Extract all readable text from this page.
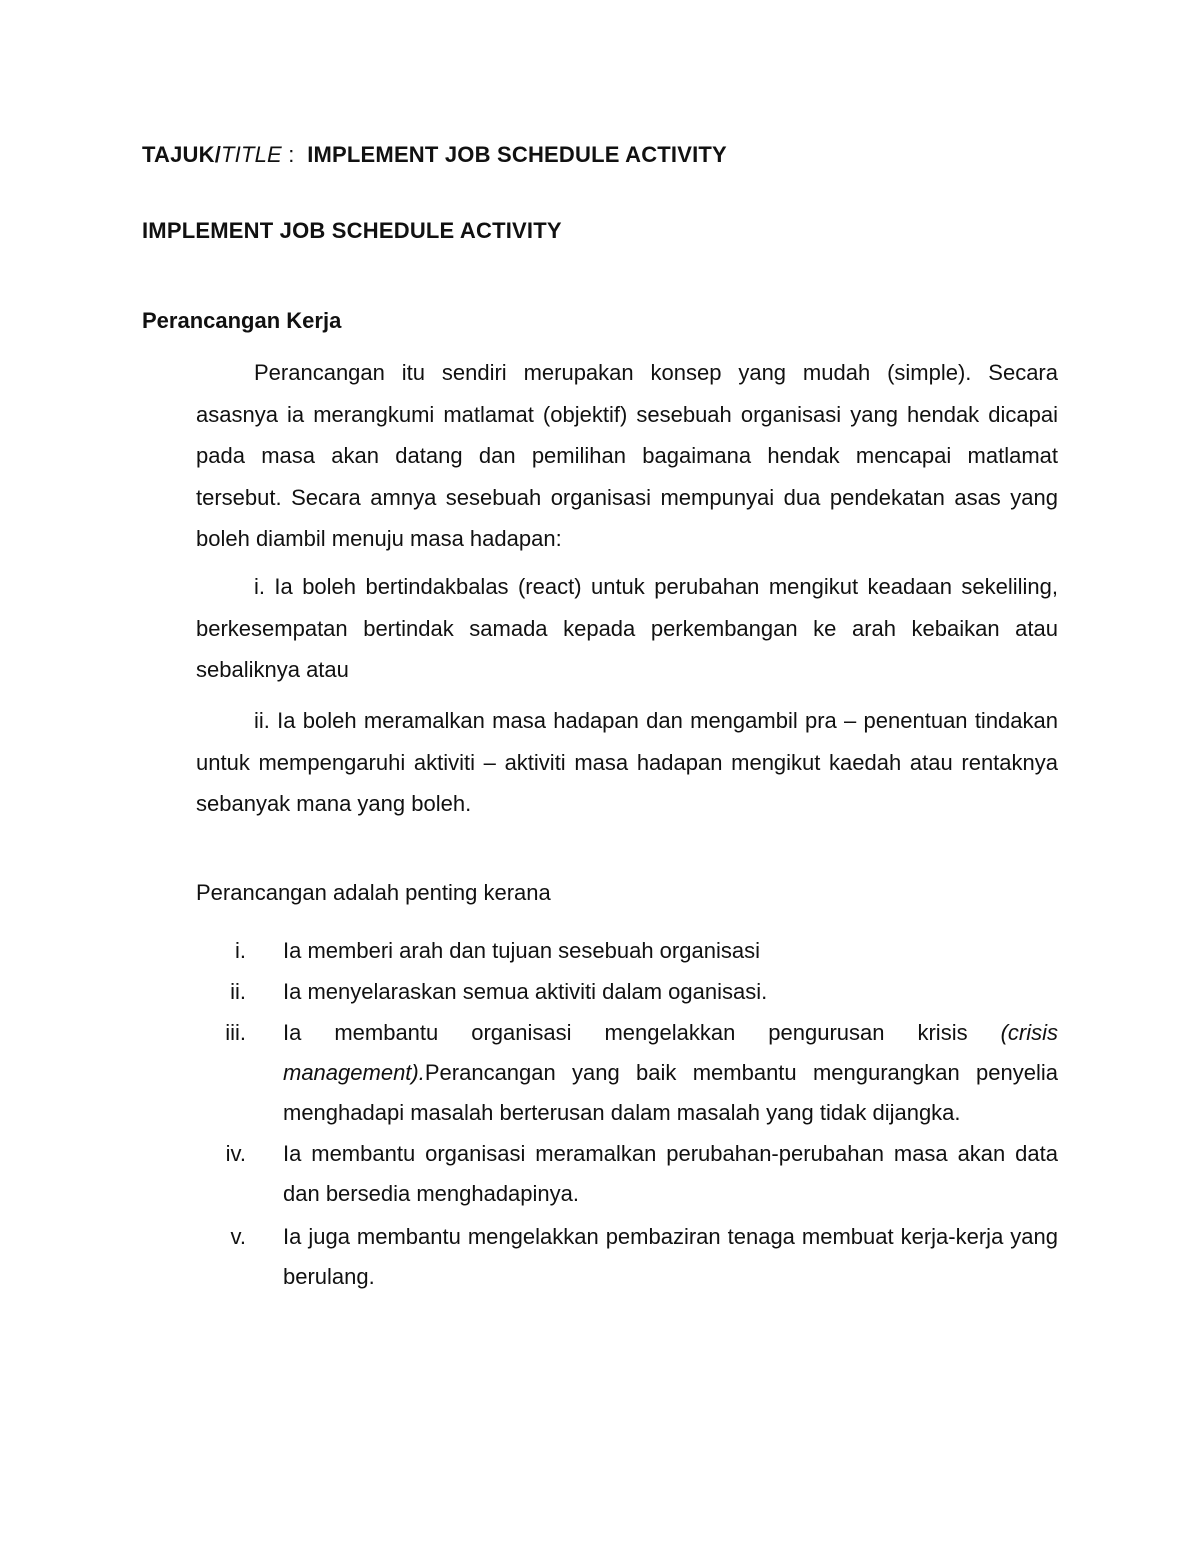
TAJUK/TITLE : IMPLEMENT JOB SCHEDULE ACTIVITY
IMPLEMENT JOB SCHEDULE ACTIVITY
Perancangan Kerja
Perancangan itu sendiri merupakan konsep yang mudah (simple). Secara asasnya ia merangkumi matlamat (objektif) sesebuah organisasi yang hendak dicapai pada masa akan datang dan pemilihan bagaimana hendak mencapai matlamat tersebut. Secara amnya sesebuah organisasi mempunyai dua pendekatan asas yang boleh diambil menuju masa hadapan:
i. Ia boleh bertindakbalas (react) untuk perubahan mengikut keadaan sekeliling, berkesempatan bertindak samada kepada perkembangan ke arah kebaikan atau sebaliknya atau
ii. Ia boleh meramalkan masa hadapan dan mengambil pra – penentuan tindakan untuk mempengaruhi aktiviti – aktiviti masa hadapan mengikut kaedah atau rentaknya sebanyak mana yang boleh.
Perancangan adalah penting kerana
i.	Ia memberi arah dan tujuan sesebuah organisasi
ii.	Ia menyelaraskan semua aktiviti dalam oganisasi.
iii.	Ia membantu organisasi mengelakkan pengurusan krisis (crisis management).Perancangan yang baik membantu mengurangkan penyelia menghadapi masalah berterusan dalam masalah yang tidak dijangka.
iv.	Ia membantu organisasi meramalkan perubahan-perubahan masa akan data dan bersedia menghadapinya.
v.	Ia juga membantu mengelakkan pembaziran tenaga membuat kerja-kerja yang berulang.
